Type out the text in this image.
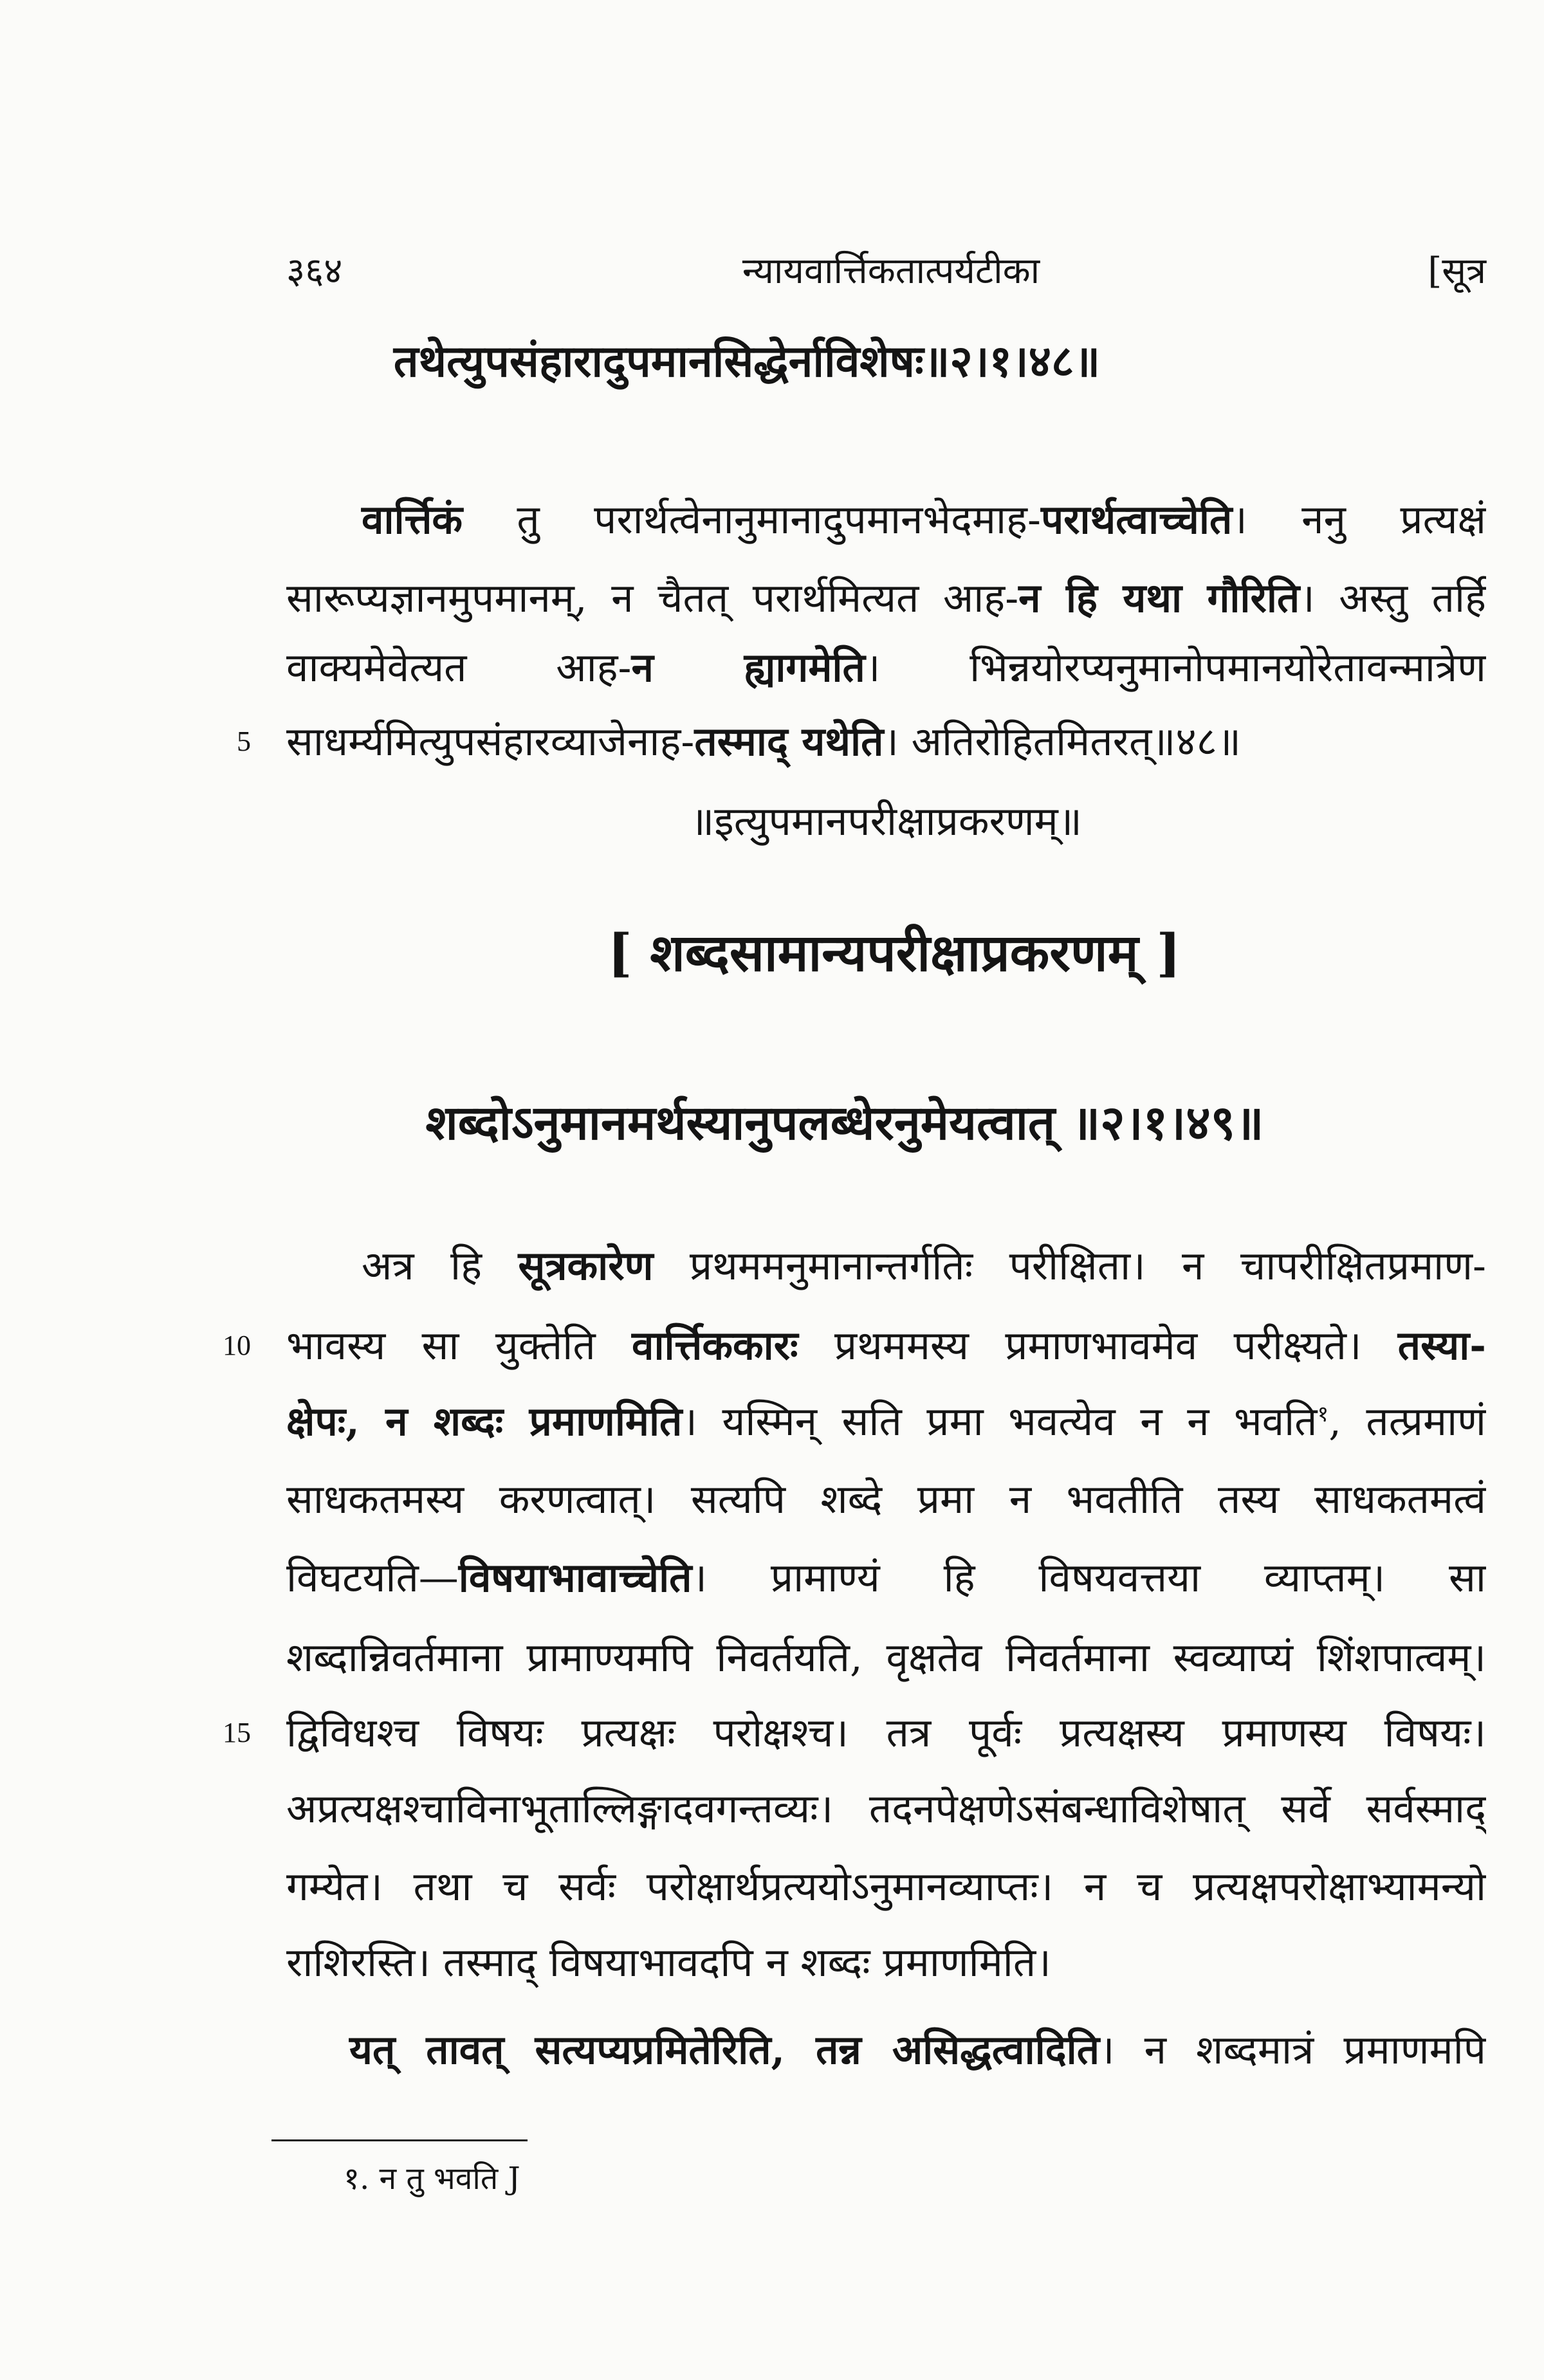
३६४	न्यायवार्त्तिकतात्पर्यटीका	[सूत्र
तथेत्युपसंहारादुपमानसिद्धेर्नाविशेषः॥२।१।४८॥
वार्त्तिकं तु परार्थत्वेनानुमानादुपमानभेदमाह-परार्थत्वाच्चेति। ननु प्रत्यक्षं
सारूप्यज्ञानमुपमानम्, न चैतत् परार्थमित्यत आह-न हि यथा गौरिति। अस्तु तर्हि
वाक्यमेवेत्यत आह-न ह्यागमेति। भिन्नयोरप्यनुमानोपमानयोरेतावन्मात्रेण
5 साधर्म्यमित्युपसंहारव्याजेनाह-तस्माद् यथेति। अतिरोहितमितरत्॥४८॥
॥इत्युपमानपरीक्षाप्रकरणम्॥
[ शब्दसामान्यपरीक्षाप्रकरणम् ]
शब्दोऽनुमानमर्थस्यानुपलब्धेरनुमेयत्वात् ॥२।१।४९॥
अत्र हि सूत्रकारेण प्रथममनुमानान्तर्गतिः परीक्षिता। न चापरीक्षितप्रमाण-
10 भावस्य सा युक्तेति वार्त्तिककारः प्रथममस्य प्रमाणभावमेव परीक्ष्यते। तस्या-
क्षेपः, न शब्दः प्रमाणमिति। यस्मिन् सति प्रमा भवत्येव न न भवति$^१$, तत्प्रमाणं
साधकतमस्य करणत्वात्। सत्यपि शब्दे प्रमा न भवतीति तस्य साधकतमत्वं
विघटयति—विषयाभावाच्चेति। प्रामाण्यं हि विषयवत्तया व्याप्तम्। सा
शब्दान्निवर्तमाना प्रामाण्यमपि निवर्तयति, वृक्षतेव निवर्तमाना स्वव्याप्यं शिंशपात्वम्।
15 द्विविधश्च विषयः प्रत्यक्षः परोक्षश्च। तत्र पूर्वः प्रत्यक्षस्य प्रमाणस्य विषयः।
अप्रत्यक्षश्चाविनाभूताल्लिङ्गादवगन्तव्यः। तदनपेक्षणेऽसंबन्धाविशेषात् सर्वे सर्वस्माद्
गम्येत। तथा च सर्वः परोक्षार्थप्रत्ययोऽनुमानव्याप्तः। न च प्रत्यक्षपरोक्षाभ्यामन्यो
राशिरस्ति। तस्माद् विषयाभावदपि न शब्दः प्रमाणमिति।
यत् तावत् सत्यप्यप्रमितेरिति, तन्न असिद्धत्वादिति। न शब्दमात्रं प्रमाणमपि
१. न तु भवति J
